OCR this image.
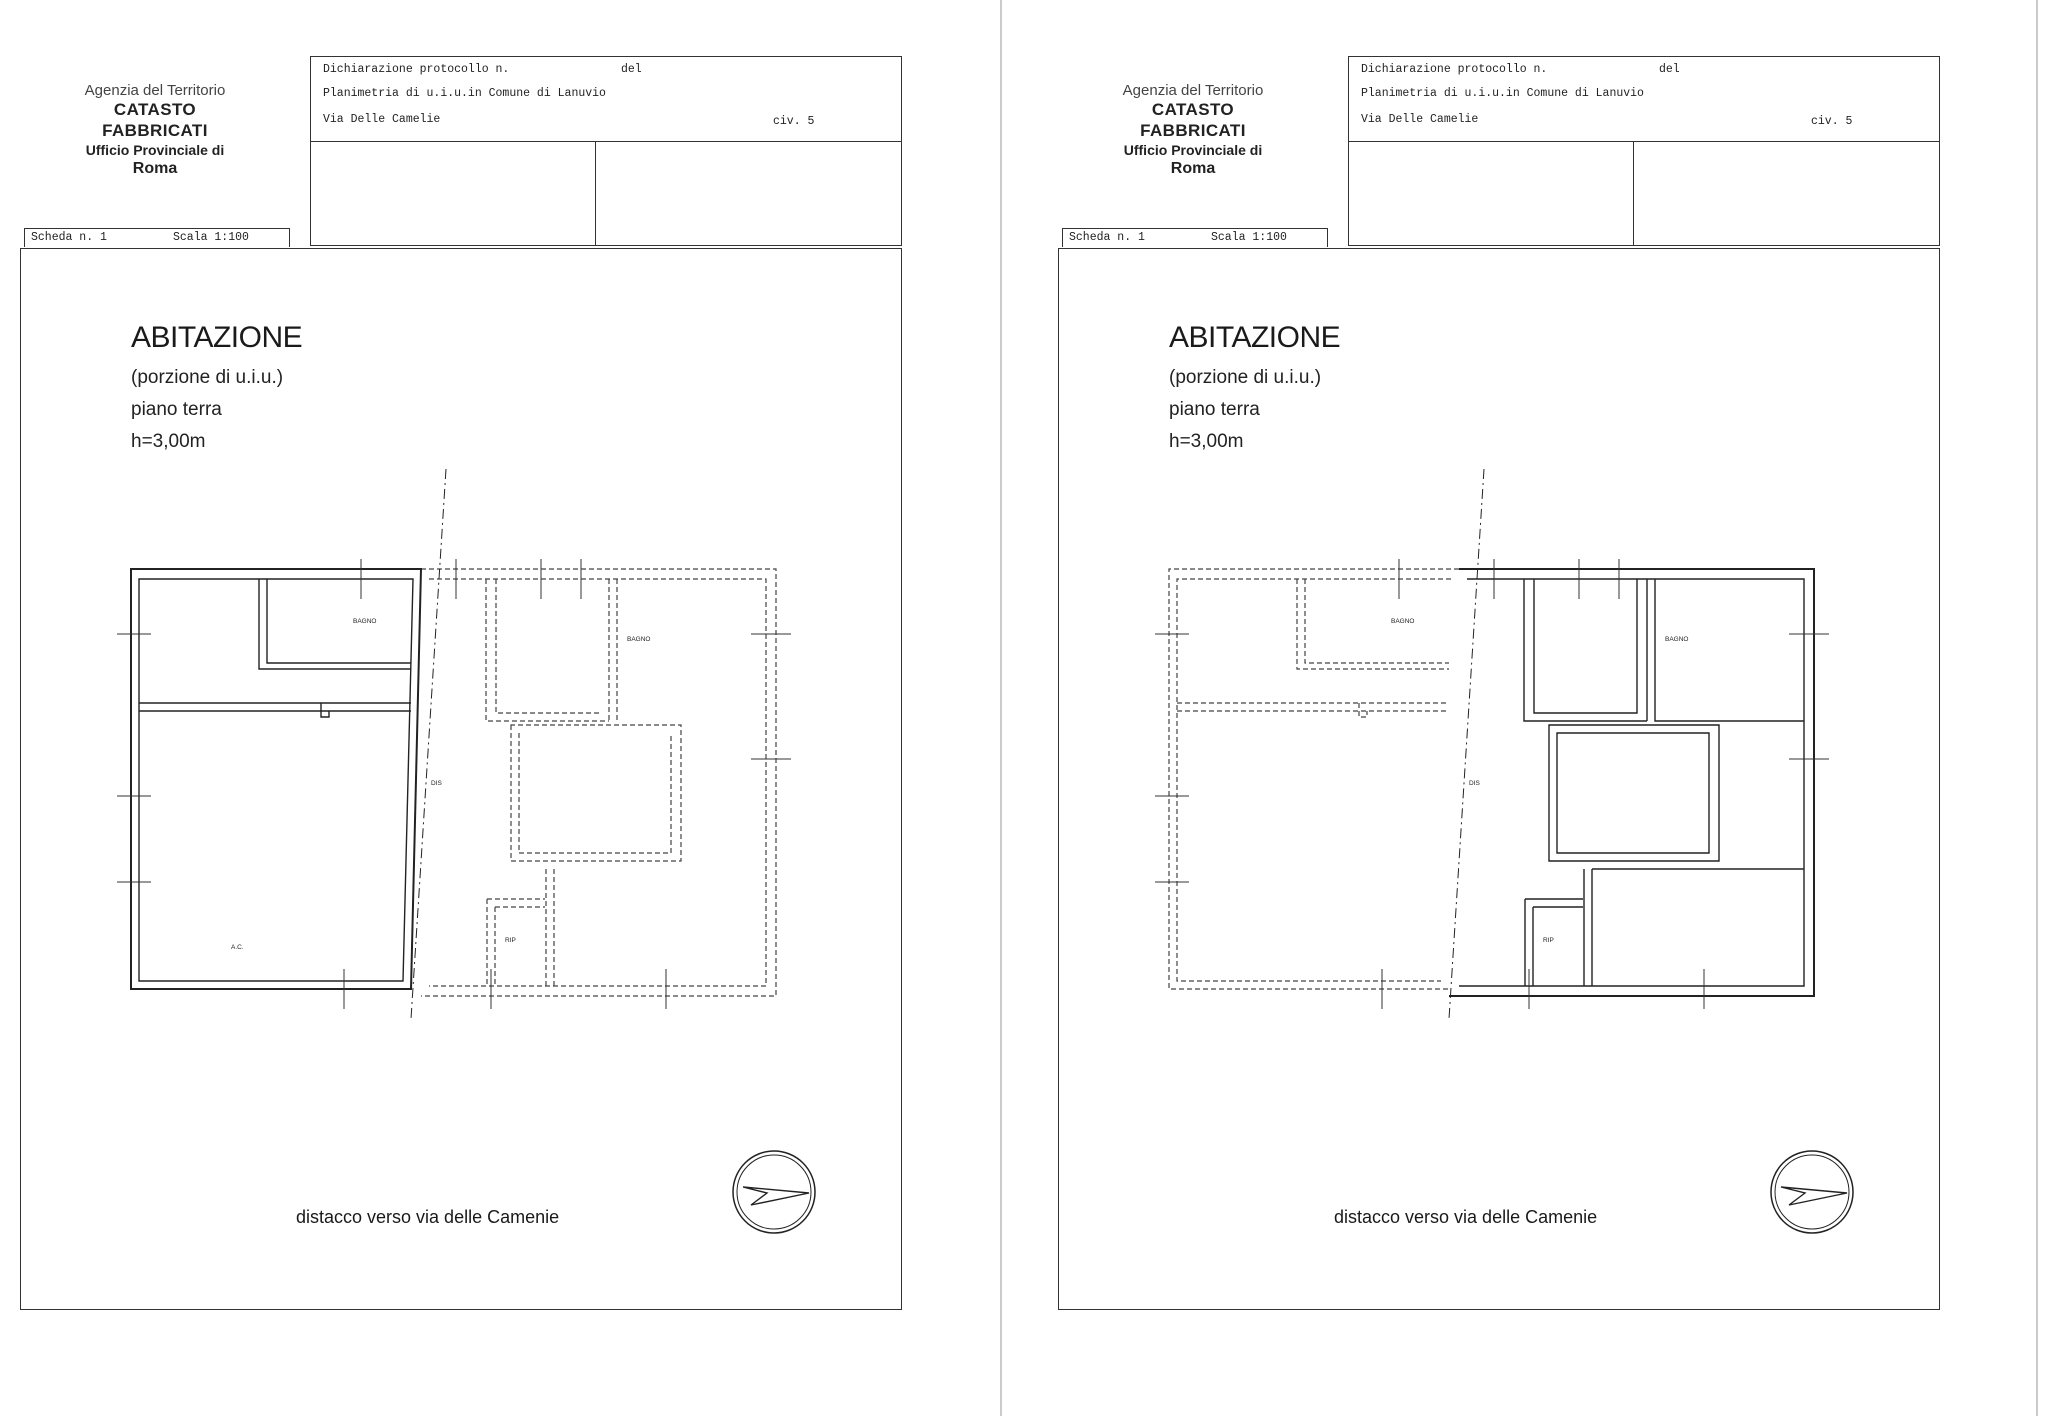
Agenzia del Territorio
CATASTO FABBRICATI
Ufficio Provinciale di
Roma
Dichiarazione protocollo n.	del
Planimetria di u.i.u.in Comune di Lanuvio
Via Delle Camelie	civ. 5
Scheda n. 1	Scala 1:100
ABITAZIONE
(porzione di u.i.u.)
piano terra
h=3,00m
BAGNO
BAGNO
DIS
RIP
A.C.
distacco verso via delle Camenie
Agenzia del Territorio
CATASTO FABBRICATI
Ufficio Provinciale di
Roma
Dichiarazione protocollo n.	del
Planimetria di u.i.u.in Comune di Lanuvio
Via Delle Camelie	civ. 5
Scheda n. 1	Scala 1:100
ABITAZIONE
(porzione di u.i.u.)
piano terra
h=3,00m
BAGNO
BAGNO
DIS
RIP
distacco verso via delle Camenie
